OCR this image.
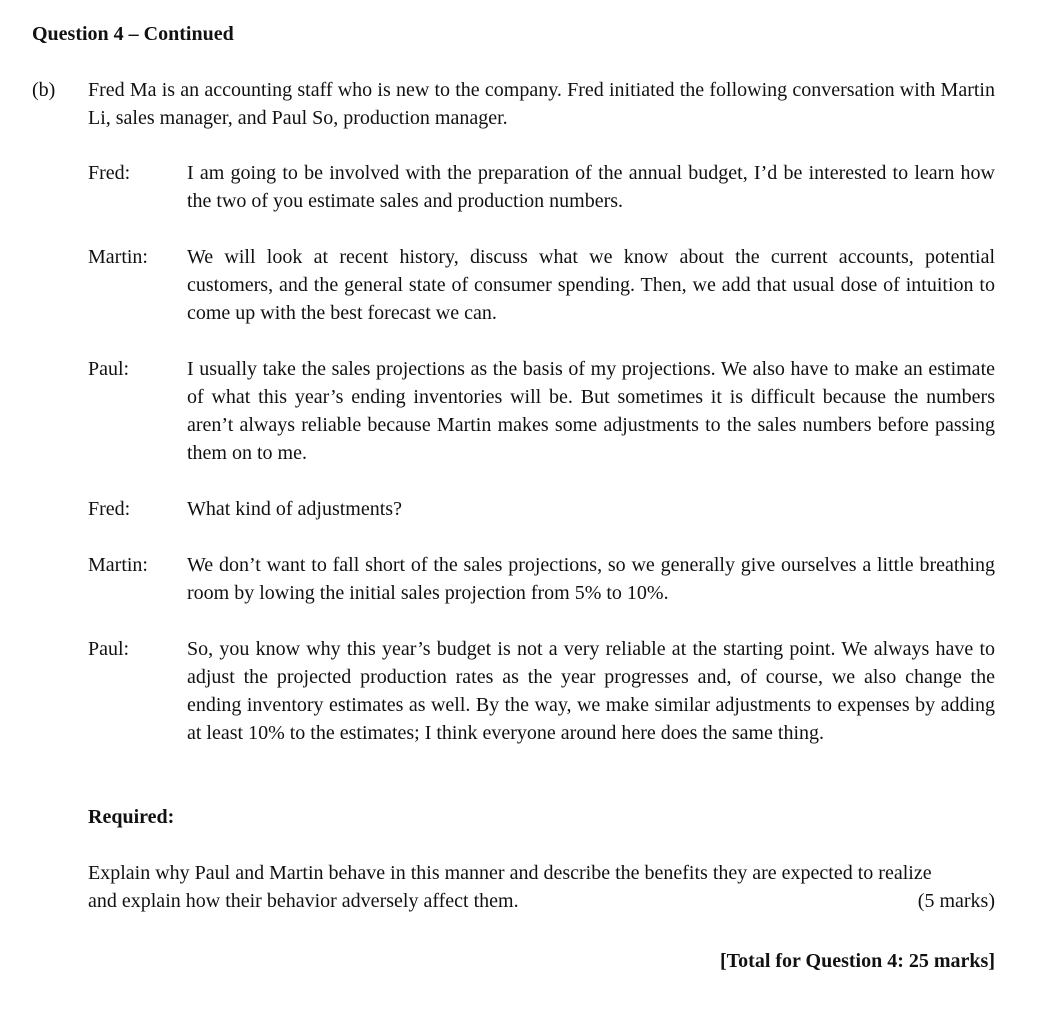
Question 4 – Continued
(b) Fred Ma is an accounting staff who is new to the company. Fred initiated the following conversation with Martin Li, sales manager, and Paul So, production manager.
Fred:	I am going to be involved with the preparation of the annual budget, I’d be interested to learn how the two of you estimate sales and production numbers.
Martin:	We will look at recent history, discuss what we know about the current accounts, potential customers, and the general state of consumer spending. Then, we add that usual dose of intuition to come up with the best forecast we can.
Paul:	I usually take the sales projections as the basis of my projections. We also have to make an estimate of what this year’s ending inventories will be. But sometimes it is difficult because the numbers aren’t always reliable because Martin makes some adjustments to the sales numbers before passing them on to me.
Fred:	What kind of adjustments?
Martin:	We don’t want to fall short of the sales projections, so we generally give ourselves a little breathing room by lowing the initial sales projection from 5% to 10%.
Paul:	So, you know why this year’s budget is not a very reliable at the starting point. We always have to adjust the projected production rates as the year progresses and, of course, we also change the ending inventory estimates as well. By the way, we make similar adjustments to expenses by adding at least 10% to the estimates; I think everyone around here does the same thing.
Required:
Explain why Paul and Martin behave in this manner and describe the benefits they are expected to realize
and explain how their behavior adversely affect them.	(5 marks)
[Total for Question 4: 25 marks]
